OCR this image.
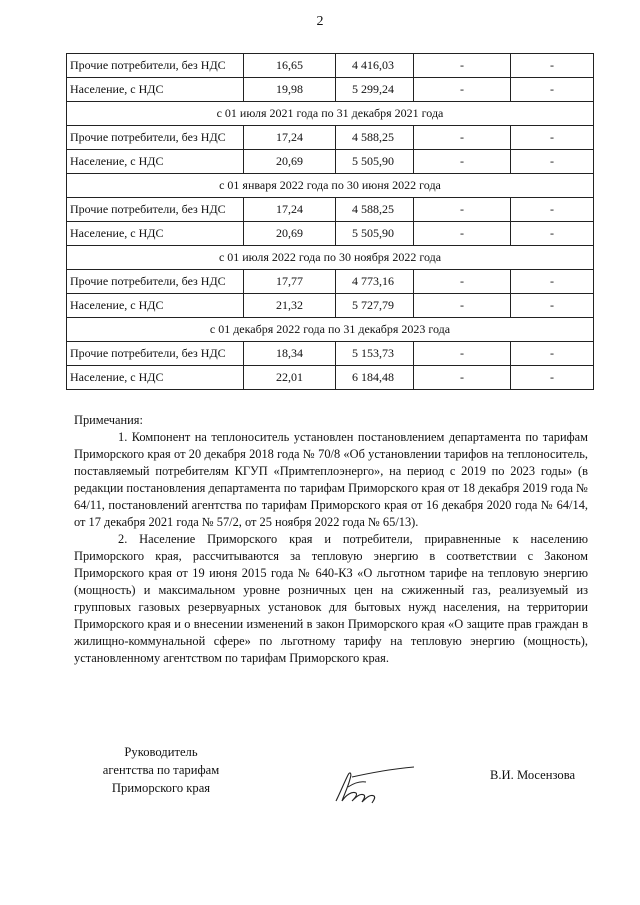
2
Прочие потребители, без НДС	16,65	4 416,03	-	-
Население, с НДС	19,98	5 299,24	-	-
с 01 июля 2021 года по 31 декабря 2021 года				
Прочие потребители, без НДС	17,24	4 588,25	-	-
Население, с НДС	20,69	5 505,90	-	-
с 01 января 2022 года по 30 июня 2022 года				
Прочие потребители, без НДС	17,24	4 588,25	-	-
Население, с НДС	20,69	5 505,90	-	-
с 01 июля 2022 года по 30 ноября 2022 года				
Прочие потребители, без НДС	17,77	4 773,16	-	-
Население, с НДС	21,32	5 727,79	-	-
с 01 декабря 2022 года по 31 декабря 2023 года				
Прочие потребители, без НДС	18,34	5 153,73	-	-
Население, с НДС	22,01	6 184,48	-	-

Примечания:

1. Компонент на теплоноситель установлен постановлением департамента по тарифам Приморского края от 20 декабря 2018 года № 70/8 «Об установлении тарифов на теплоноситель, поставляемый потребителям КГУП «Примтеплоэнерго», на период с 2019 по 2023 годы» (в редакции постановления департамента по тарифам Приморского края от 18 декабря 2019 года № 64/11, постановлений агентства по тарифам Приморского края от 16 декабря 2020 года № 64/14, от 17 декабря 2021 года № 57/2, от 25 ноября 2022 года № 65/13).

2. Население Приморского края и потребители, приравненные к населению Приморского края, рассчитываются за тепловую энергию в соответствии с Законом Приморского края от 19 июня 2015 года № 640-КЗ «О льготном тарифе на тепловую энергию (мощность) и максимальном уровне розничных цен на сжиженный газ, реализуемый из групповых газовых резервуарных установок для бытовых нужд населения, на территории Приморского края и о внесении изменений в закон Приморского края «О защите прав граждан в жилищно-коммунальной сфере» по льготному тарифу на тепловую энергию (мощность), установленному агентством по тарифам Приморского края.

Руководитель
агентства по тарифам
Приморского края
В.И. Мосензова
